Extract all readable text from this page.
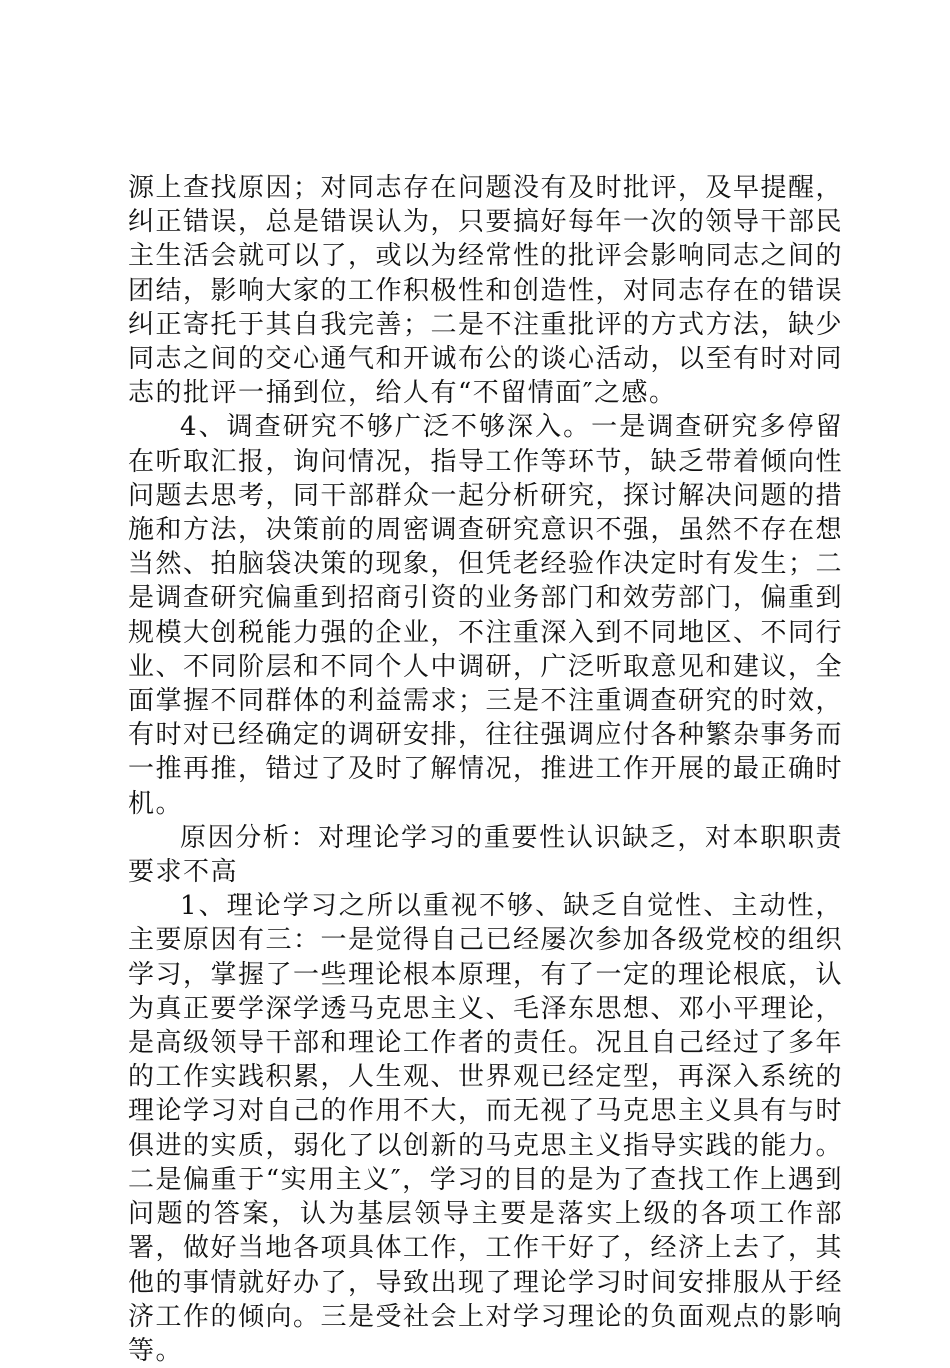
源上查找原因；对同志存在问题没有及时批评，及早提醒，纠正错误，总是错误认为，只要搞好每年一次的领导干部民主生活会就可以了，或以为经常性的批评会影响同志之间的团结，影响大家的工作积极性和创造性，对同志存在的错误纠正寄托于其自我完善；二是不注重批评的方式方法，缺少同志之间的交心通气和开诚布公的谈心活动，以至有时对同志的批评一捅到位，给人有“不留情面″之感。

4、调查研究不够广泛不够深入。一是调查研究多停留在听取汇报，询问情况，指导工作等环节，缺乏带着倾向性问题去思考，同干部群众一起分析研究，探讨解决问题的措施和方法，决策前的周密调查研究意识不强，虽然不存在想当然、拍脑袋决策的现象，但凭老经验作决定时有发生；二是调查研究偏重到招商引资的业务部门和效劳部门，偏重到规模大创税能力强的企业，不注重深入到不同地区、不同行业、不同阶层和不同个人中调研，广泛听取意见和建议，全面掌握不同群体的利益需求；三是不注重调查研究的时效，有时对已经确定的调研安排，往往强调应付各种繁杂事务而一推再推，错过了及时了解情况，推进工作开展的最正确时机。

原因分析：对理论学习的重要性认识缺乏，对本职职责要求不高

1、理论学习之所以重视不够、缺乏自觉性、主动性，主要原因有三：一是觉得自己已经屡次参加各级党校的组织学习，掌握了一些理论根本原理，有了一定的理论根底，认为真正要学深学透马克思主义、毛泽东思想、邓小平理论，是高级领导干部和理论工作者的责任。况且自己经过了多年的工作实践积累，人生观、世界观已经定型，再深入系统的理论学习对自己的作用不大，而无视了马克思主义具有与时俱进的实质，弱化了以创新的马克思主义指导实践的能力。二是偏重于“实用主义″，学习的目的是为了查找工作上遇到问题的答案，认为基层领导主要是落实上级的各项工作部署，做好当地各项具体工作，工作干好了，经济上去了，其他的事情就好办了，导致出现了理论学习时间安排服从于经济工作的倾向。三是受社会上对学习理论的负面观点的影响等。
